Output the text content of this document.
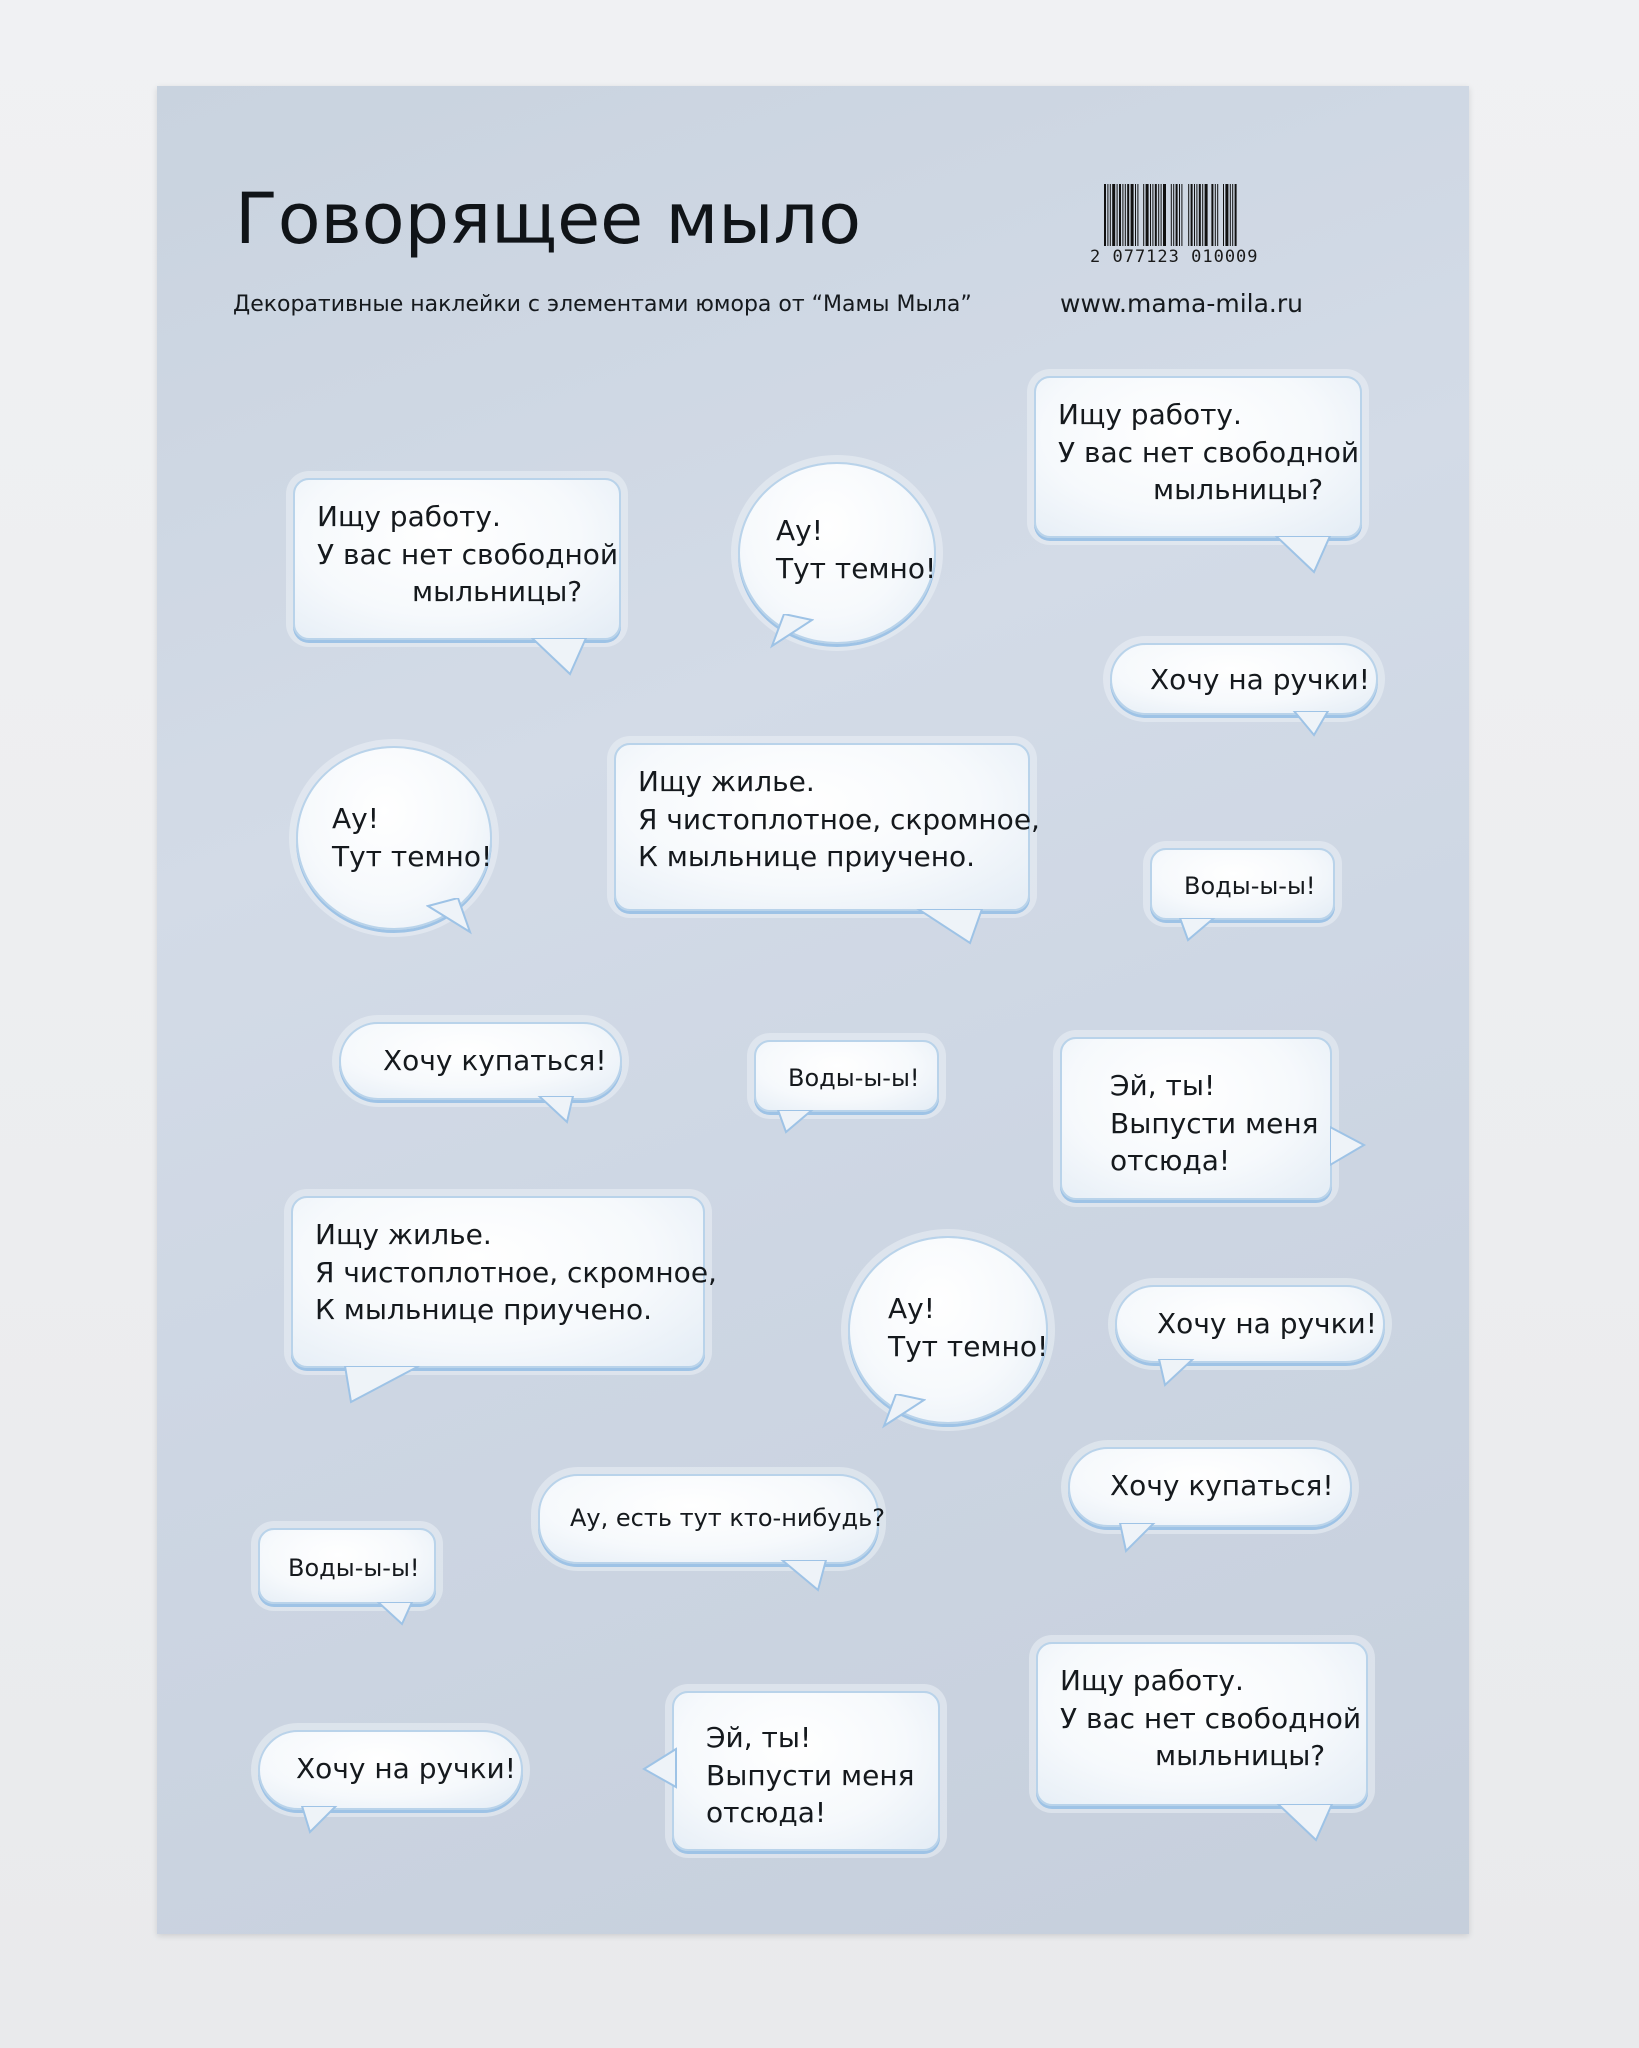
Говорящее мыло
Декоративные наклейки с элементами юмора от “Мамы Мыла”	www.mama-mila.ru
2 077123 010009
Ищу работу.
У вас нет свободной
мыльницы?
Ау!
Тут темно!
Ищу работу.
У вас нет свободной
мыльницы?
Хочу на ручки!
Ау!
Тут темно!
Ищу жилье.
Я чистоплотное, скромное,
К мыльнице приучено.
Воды-ы-ы!
Хочу купаться!
Воды-ы-ы!	Эй, ты!
Выпусти меня
отсюда!
Ищу жилье.
Я чистоплотное, скромное,
К мыльнице приучено.	Ау!
Тут темно!
Хочу на ручки!
Хочу купаться!
Воды-ы-ы!
Ау, есть тут кто-нибудь?
Хочу на ручки!
Эй, ты!
Выпусти меня
отсюда!
Ищу работу.
У вас нет свободной
мыльницы?
